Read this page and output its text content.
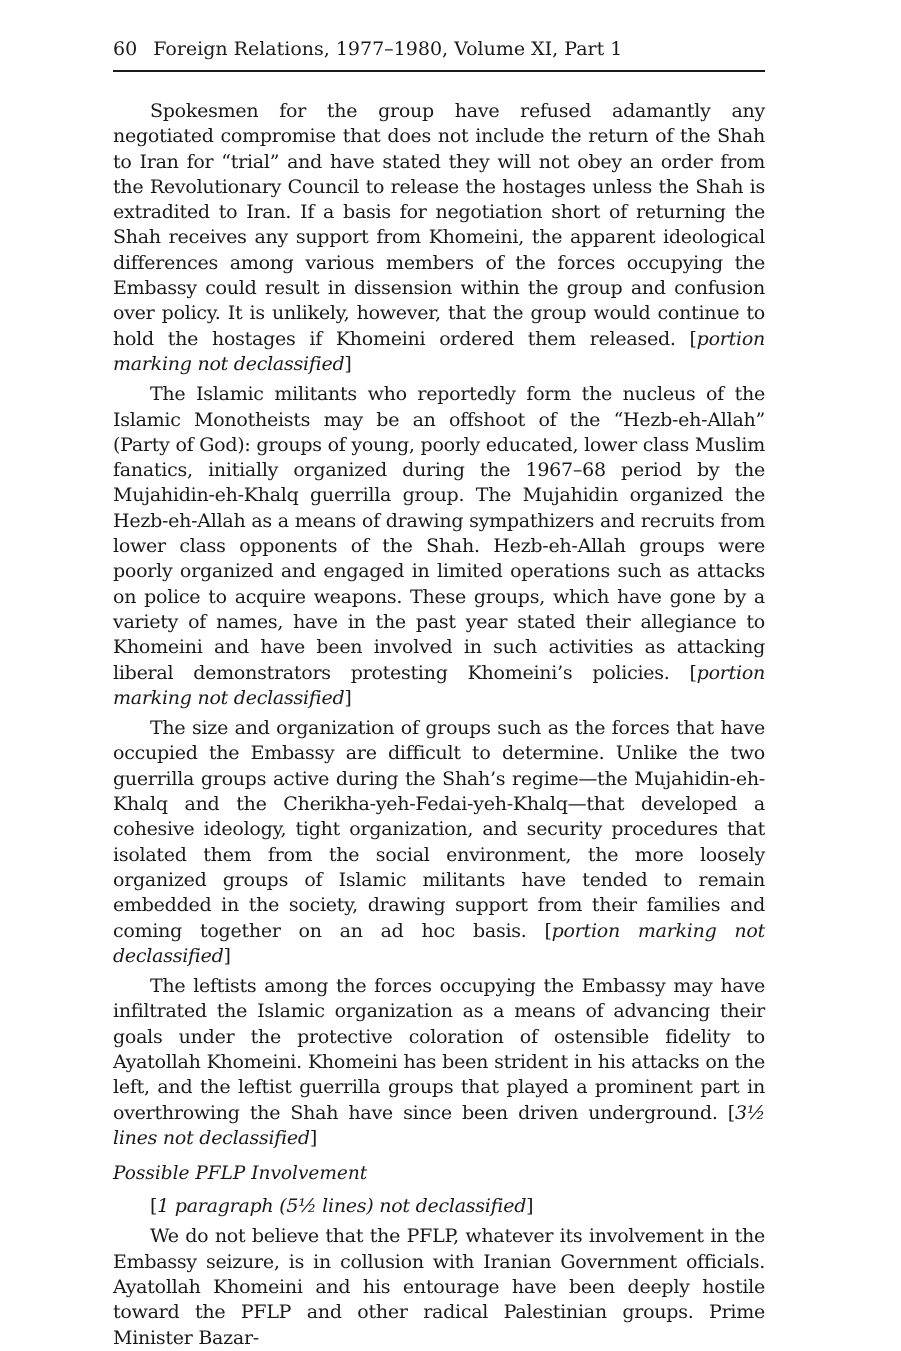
60 Foreign Relations, 1977–1980, Volume XI, Part 1

Spokesmen for the group have refused adamantly any negotiated compromise that does not include the return of the Shah to Iran for “trial” and have stated they will not obey an order from the Revolutionary Council to release the hostages unless the Shah is extradited to Iran. If a basis for negotiation short of returning the Shah receives any support from Khomeini, the apparent ideological differences among various members of the forces occupying the Embassy could result in dissension within the group and confusion over policy. It is unlikely, however, that the group would continue to hold the hostages if Khomeini ordered them released. [portion marking not declassified]

The Islamic militants who reportedly form the nucleus of the Islamic Monotheists may be an offshoot of the “Hezb-eh-Allah” (Party of God): groups of young, poorly educated, lower class Muslim fanatics, initially organized during the 1967–68 period by the Mujahidin-eh-Khalq guerrilla group. The Mujahidin organized the Hezb-eh-Allah as a means of drawing sympathizers and recruits from lower class opponents of the Shah. Hezb-eh-Allah groups were poorly organized and engaged in limited operations such as attacks on police to acquire weapons. These groups, which have gone by a variety of names, have in the past year stated their allegiance to Khomeini and have been involved in such activities as attacking liberal demonstrators protesting Khomeini’s policies. [portion marking not declassified]

The size and organization of groups such as the forces that have occupied the Embassy are difficult to determine. Unlike the two guerrilla groups active during the Shah’s regime—the Mujahidin-eh-Khalq and the Cherikha-yeh-Fedai-yeh-Khalq—that developed a cohesive ideology, tight organization, and security procedures that isolated them from the social environment, the more loosely organized groups of Islamic militants have tended to remain embedded in the society, drawing support from their families and coming together on an ad hoc basis. [portion marking not declassified]

The leftists among the forces occupying the Embassy may have infiltrated the Islamic organization as a means of advancing their goals under the protective coloration of ostensible fidelity to Ayatollah Khomeini. Khomeini has been strident in his attacks on the left, and the leftist guerrilla groups that played a prominent part in overthrowing the Shah have since been driven underground. [3½ lines not declassified]

Possible PFLP Involvement

[1 paragraph (5½ lines) not declassified]

We do not believe that the PFLP, whatever its involvement in the Embassy seizure, is in collusion with Iranian Government officials. Ayatollah Khomeini and his entourage have been deeply hostile toward the PFLP and other radical Palestinian groups. Prime Minister Bazar-
